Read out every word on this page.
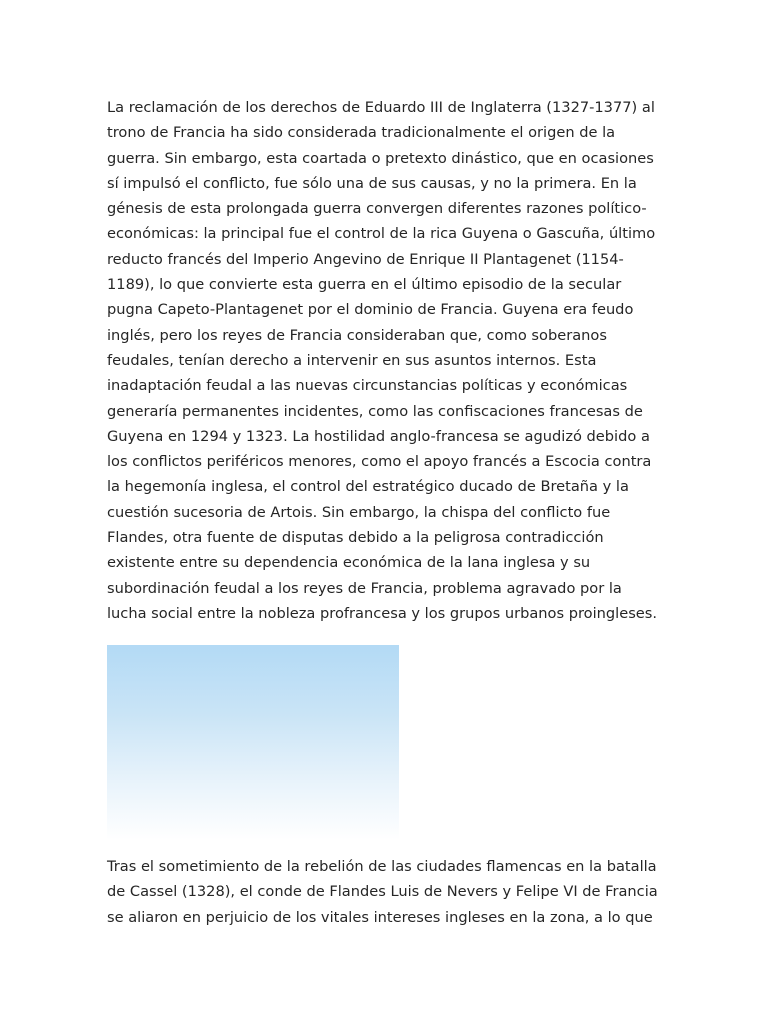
La reclamación de los derechos de Eduardo III de Inglaterra (1327-1377) al
trono de Francia ha sido considerada tradicionalmente el origen de la
guerra. Sin embargo, esta coartada o pretexto dinástico, que en ocasiones
sí impulsó el conflicto, fue sólo una de sus causas, y no la primera. En la
génesis de esta prolongada guerra convergen diferentes razones político-
económicas: la principal fue el control de la rica Guyena o Gascuña, último
reducto francés del Imperio Angevino de Enrique II Plantagenet (1154-
1189), lo que convierte esta guerra en el último episodio de la secular
pugna Capeto-Plantagenet por el dominio de Francia. Guyena era feudo
inglés, pero los reyes de Francia consideraban que, como soberanos
feudales, tenían derecho a intervenir en sus asuntos internos. Esta
inadaptación feudal a las nuevas circunstancias políticas y económicas
generaría permanentes incidentes, como las confiscaciones francesas de
Guyena en 1294 y 1323. La hostilidad anglo-francesa se agudizó debido a
los conflictos periféricos menores, como el apoyo francés a Escocia contra
la hegemonía inglesa, el control del estratégico ducado de Bretaña y la
cuestión sucesoria de Artois. Sin embargo, la chispa del conflicto fue
Flandes, otra fuente de disputas debido a la peligrosa contradicción
existente entre su dependencia económica de la lana inglesa y su
subordinación feudal a los reyes de Francia, problema agravado por la
lucha social entre la nobleza profrancesa y los grupos urbanos proingleses.

Tras el sometimiento de la rebelión de las ciudades flamencas en la batalla
de Cassel (1328), el conde de Flandes Luis de Nevers y Felipe VI de Francia
se aliaron en perjuicio de los vitales intereses ingleses en la zona, a lo que
